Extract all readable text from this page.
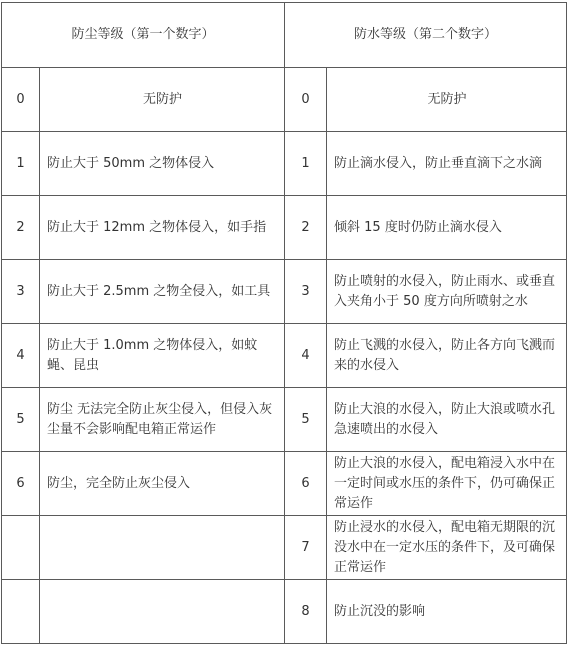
防尘等级（第一个数字）		防水等级（第二个数字）	
0	无防护	0	无防护
1	防止大于 50mm 之物体侵入	1	防止滴水侵入，防止垂直滴下之水滴
2	防止大于 12mm 之物体侵入，如手指	2	倾斜 15 度时仍防止滴水侵入
3	防止大于 2.5mm 之物全侵入，如工具	3	防止喷射的水侵入，防止雨水、或垂直入夹角小于 50 度方向所喷射之水
4	防止大于 1.0mm 之物体侵入，如蚊蝇、昆虫	4	防止飞溅的水侵入，防止各方向飞溅而来的水侵入
5	防尘 无法完全防止灰尘侵入，但侵入灰尘量不会影响配电箱正常运作	5	防止大浪的水侵入，防止大浪或喷水孔急速喷出的水侵入
6	防尘，完全防止灰尘侵入	6	防止大浪的水侵入，配电箱浸入水中在一定时间或水压的条件下，仍可确保正常运作
		7	防止浸水的水侵入，配电箱无期限的沉没水中在一定水压的条件下，及可确保正常运作
		8	防止沉没的影响
